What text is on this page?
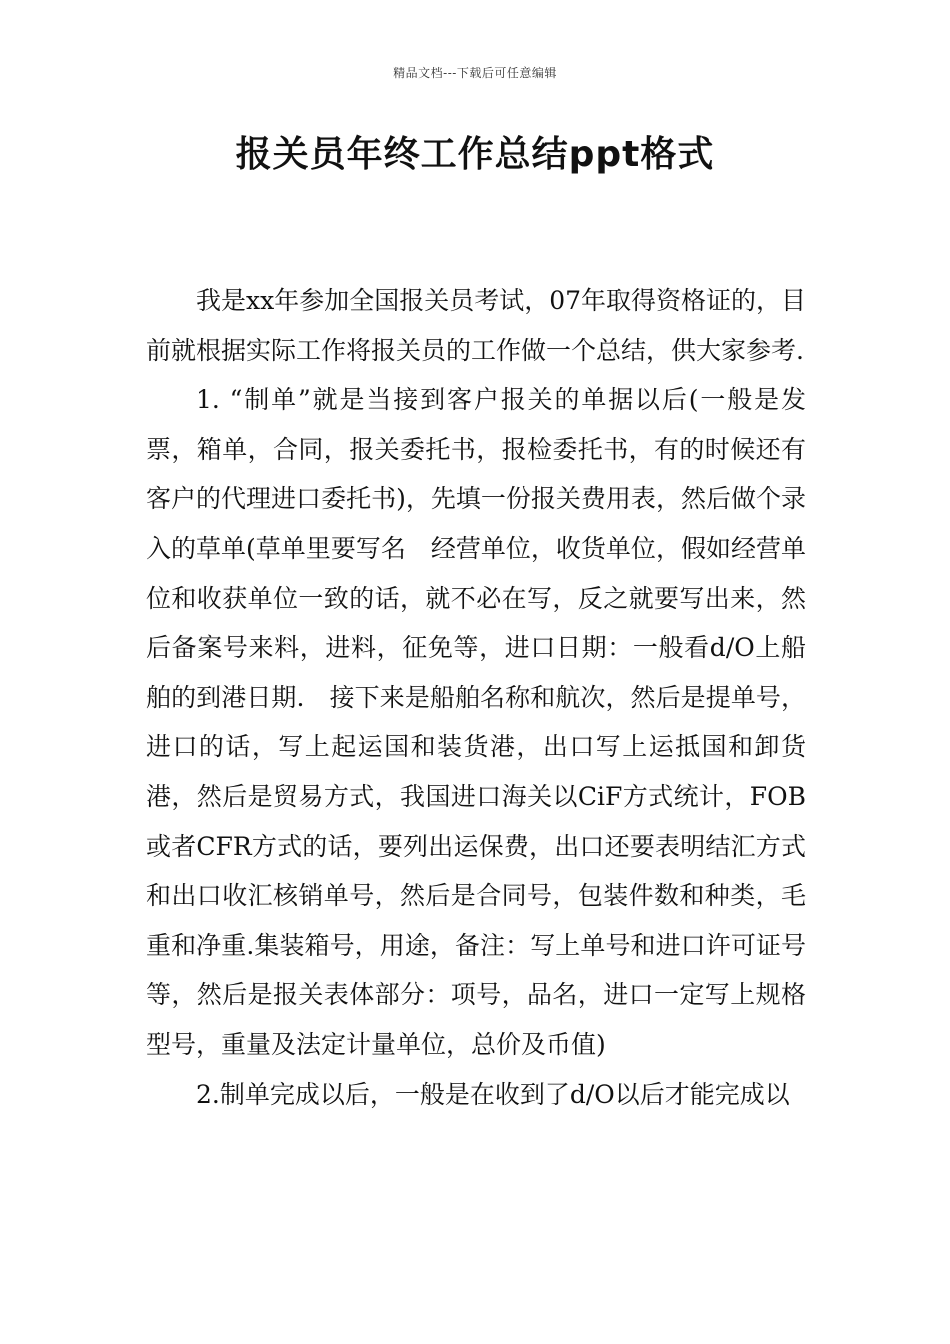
精品文档---下载后可任意编辑
报关员年终工作总结ppt格式

我是xx年参加全国报关员考试，07年取得资格证的，目前就根据实际工作将报关员的工作做一个总结，供大家参考.

1. “制单”就是当接到客户报关的单据以后(一般是发票，箱单，合同，报关委托书，报检委托书，有的时候还有客户的代理进口委托书)，先填一份报关费用表，然后做个录入的草单(草单里要写名　经营单位，收货单位，假如经营单位和收获单位一致的话，就不必在写，反之就要写出来，然后备案号来料，进料，征免等，进口日期：一般看d/O上船舶的到港日期.　接下来是船舶名称和航次，然后是提单号，进口的话，写上起运国和装货港，出口写上运抵国和卸货港，然后是贸易方式，我国进口海关以CiF方式统计，FOB或者CFR方式的话，要列出运保费，出口还要表明结汇方式和出口收汇核销单号，然后是合同号，包装件数和种类，毛重和净重.集装箱号，用途，备注：写上单号和进口许可证号等，然后是报关表体部分：项号，品名，进口一定写上规格型号，重量及法定计量单位，总价及币值)

2.制单完成以后，一般是在收到了d/O以后才能完成以
